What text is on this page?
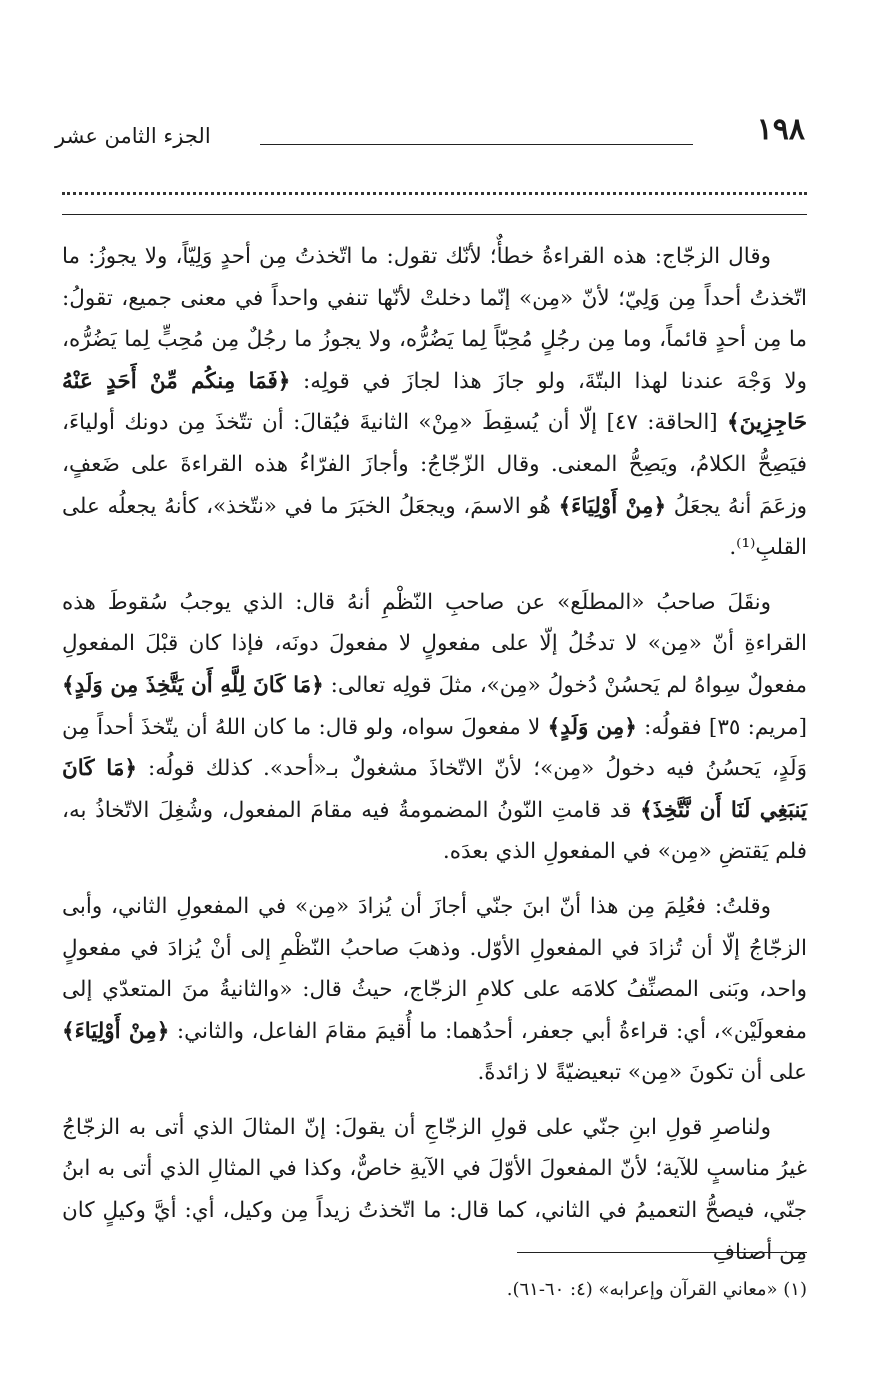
١٩٨
الجزء الثامن عشر

وقال الزجّاج: هذه القراءةُ خطأٌ؛ لأنّك تقول: ما اتّخذتُ مِن أحدٍ وَلِيّاً، ولا يجوزُ: ما اتّخذتُ أحداً مِن وَلِيّ؛ لأنّ «مِن» إنّما دخلتْ لأنّها تنفي واحداً في معنى جميع، تقولُ: ما مِن أحدٍ قائماً، وما مِن رجُلٍ مُحِبّاً لِما يَضُرُّه، ولا يجوزُ ما رجُلٌ مِن مُحِبٍّ لِما يَضُرُّه، ولا وَجْهَ عندنا لهذا البتّةَ، ولو جازَ هذا لجازَ في قولِه: ﴿فَمَا مِنكُم مِّنْ أَحَدٍ عَنْهُ حَاجِزِينَ﴾ [الحاقة: ٤٧] إلّا أن يُسقِطَ «مِنْ» الثانيةَ فيُقالَ: أن تتّخذَ مِن دونك أولياءَ، فيَصِحُّ الكلامُ، ويَصِحُّ المعنى. وقال الزّجّاجُ: وأجازَ الفرّاءُ هذه القراءةَ على ضَعفٍ، وزعَمَ أنهُ يجعَلُ ﴿مِنْ أَوْلِيَاءَ﴾ هُو الاسمَ، ويجعَلُ الخبَرَ ما في «نتّخذ»، كأنهُ يجعلُه على القلبِ⁽¹⁾.

ونقَلَ صاحبُ «المطلَع» عن صاحبِ النّظْمِ أنهُ قال: الذي يوجبُ سُقوطَ هذه القراءةِ أنّ «مِن» لا تدخُلُ إلّا على مفعولٍ لا مفعولَ دونَه، فإذا كان قبْلَ المفعولِ مفعولٌ سِواهُ لم يَحسُنْ دُخولُ «مِن»، مثلَ قولِه تعالى: ﴿مَا كَانَ لِلَّهِ أَن يَتَّخِذَ مِن وَلَدٍ﴾ [مريم: ٣٥] فقولُه: ﴿مِن وَلَدٍ﴾ لا مفعولَ سواه، ولو قال: ما كان اللهُ أن يتّخذَ أحداً مِن وَلَدٍ، يَحسُنُ فيه دخولُ «مِن»؛ لأنّ الاتّخاذَ مشغولٌ بـ«أحد». كذلك قولُه: ﴿مَا كَانَ يَنبَغِي لَنَا أَن نَّتَّخِذَ﴾ قد قامتِ النّونُ المضمومةُ فيه مقامَ المفعول، وشُغِلَ الاتّخاذُ به، فلم يَقتضِ «مِن» في المفعولِ الذي بعدَه.

وقلتُ: فعُلِمَ مِن هذا أنّ ابنَ جنّي أجازَ أن يُزادَ «مِن» في المفعولِ الثاني، وأبى الزجّاجُ إلّا أن تُزادَ في المفعولِ الأوّل. وذهبَ صاحبُ النّظْمِ إلى أنْ يُزادَ في مفعولٍ واحد، وبَنى المصنِّفُ كلامَه على كلامِ الزجّاج، حيثُ قال: «والثانيةُ منَ المتعدّي إلى مفعولَيْن»، أي: قراءةُ أبي جعفر، أحدُهما: ما أُقيمَ مقامَ الفاعل، والثاني: ﴿مِنْ أَوْلِيَاءَ﴾ على أن تكونَ «مِن» تبعيضيّةً لا زائدةً.

ولناصرِ قولِ ابنِ جنّي على قولِ الزجّاجِ أن يقولَ: إنّ المثالَ الذي أتى به الزجّاجُ غيرُ مناسبٍ للآية؛ لأنّ المفعولَ الأوّلَ في الآيةِ خاصٌّ، وكذا في المثالِ الذي أتى به ابنُ جنّي، فيصحُّ التعميمُ في الثاني، كما قال: ما اتّخذتُ زيداً مِن وكيل، أي: أيَّ وكيلٍ كان مِن أصنافِ

(١) «معاني القرآن وإعرابه» (٤: ٦٠-٦١).
